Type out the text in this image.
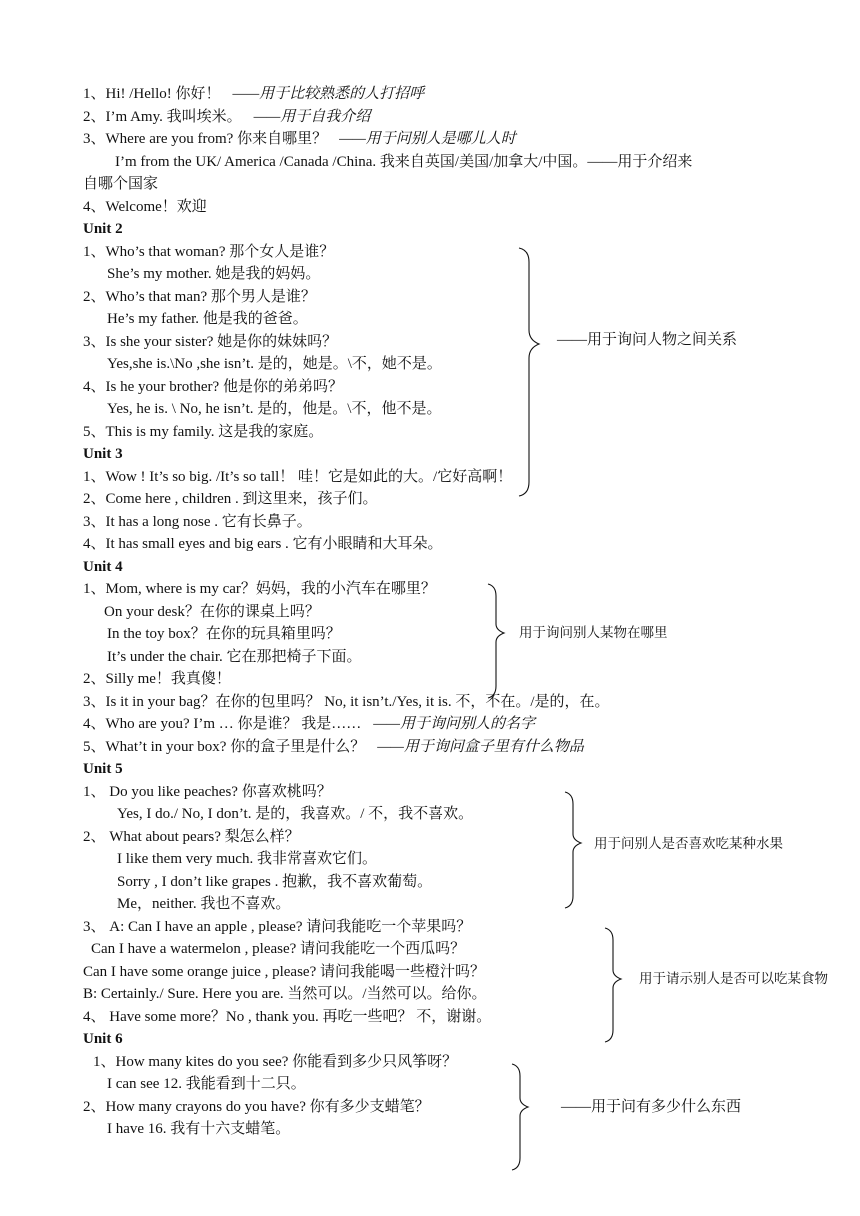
1、Hi! /Hello! 你好！ ——用于比较熟悉的人打招呼
2、I’m Amy. 我叫埃米。 ——用于自我介绍
3、Where are you from? 你来自哪里？ ——用于问别人是哪儿人时
I’m from the UK/ America /Canada /China. 我来自英国/美国/加拿大/中国。——用于介绍来
自哪个国家
4、Welcome！欢迎
Unit 2
1、Who’s that woman? 那个女人是谁？
She’s my mother. 她是我的妈妈。
2、Who’s that man? 那个男人是谁？
He’s my father. 他是我的爸爸。
3、Is she your sister? 她是你的妹妹吗？
Yes,she is.\No ,she isn’t. 是的，她是。\不，她不是。
4、Is he your brother? 他是你的弟弟吗？
Yes, he is. \ No, he isn’t. 是的，他是。\不，他不是。
5、This is my family. 这是我的家庭。
——用于询问人物之间关系
Unit 3
1、Wow ! It’s so big. /It’s so tall！ 哇！它是如此的大。/它好高啊！
2、Come here , children . 到这里来，孩子们。
3、It has a long nose . 它有长鼻子。
4、It has small eyes and big ears . 它有小眼睛和大耳朵。
Unit 4
1、Mom, where is my car？妈妈，我的小汽车在哪里？
On your desk？在你的课桌上吗？
In the toy box？在你的玩具箱里吗？
It’s under the chair. 它在那把椅子下面。
2、Silly me！我真傻！
3、Is it in your bag？在你的包里吗？ No, it isn’t./Yes, it is. 不，不在。/是的，在。
4、Who are you? I’m … 你是谁？ 我是…… ——用于询问别人的名字
5、What’t in your box? 你的盒子里是什么？ ——用于询问盒子里有什么物品
用于询问别人某物在哪里
Unit 5
1、 Do you like peaches? 你喜欢桃吗？
Yes, I do./ No, I don’t. 是的，我喜欢。/ 不，我不喜欢。
2、 What about pears? 梨怎么样？
I like them very much. 我非常喜欢它们。
Sorry , I don’t like grapes . 抱歉，我不喜欢葡萄。
Me，neither. 我也不喜欢。
3、 A: Can I have an apple , please? 请问我能吃一个苹果吗？
Can I have a watermelon , please? 请问我能吃一个西瓜吗？
Can I have some orange juice , please? 请问我能喝一些橙汁吗？
B: Certainly./ Sure. Here you are. 当然可以。/当然可以。给你。
4、 Have some more？No , thank you. 再吃一些吧？ 不，谢谢。
用于问别人是否喜欢吃某种水果
用于请示别人是否可以吃某食物
Unit 6
1、How many kites do you see? 你能看到多少只风筝呀？
I can see 12. 我能看到十二只。
2、How many crayons do you have? 你有多少支蜡笔？
I have 16. 我有十六支蜡笔。
——用于问有多少什么东西
